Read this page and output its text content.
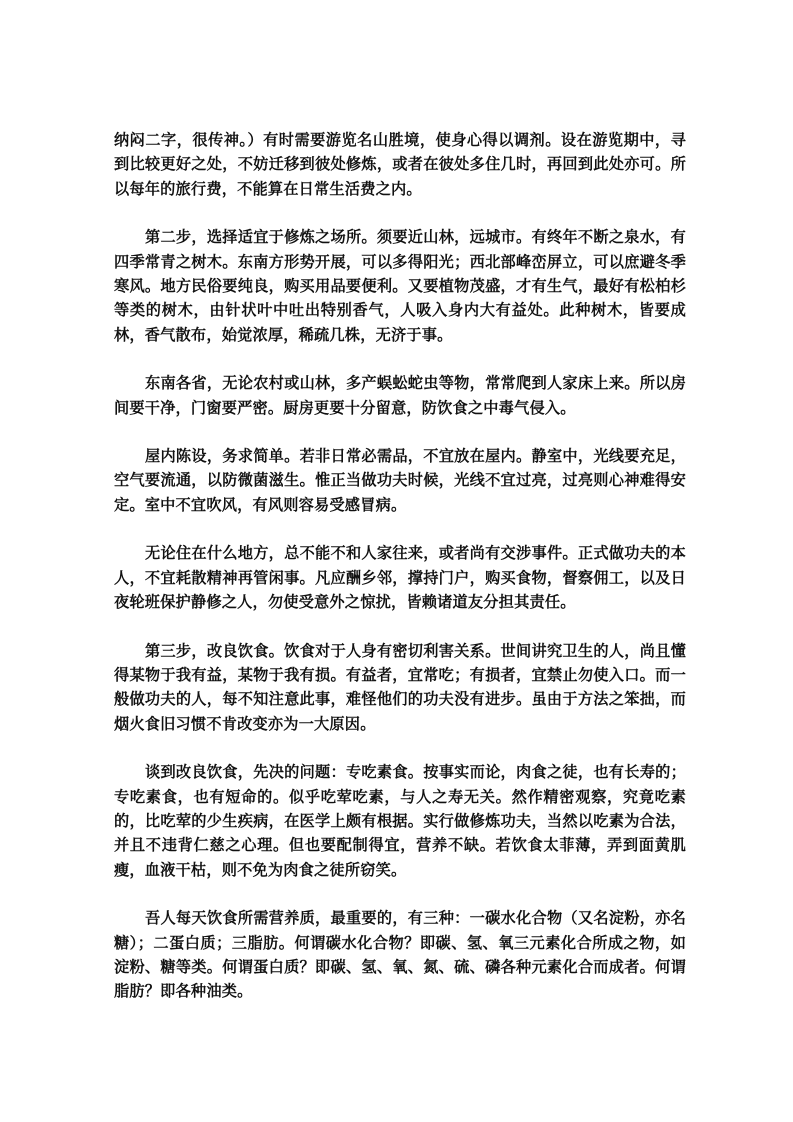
纳闷二字，很传神。）有时需要游览名山胜境，使身心得以调剂。设在游览期中，寻到比较更好之处，不妨迁移到彼处修炼，或者在彼处多住几时，再回到此处亦可。所以每年的旅行费，不能算在日常生活费之内。

第二步，选择适宜于修炼之场所。须要近山林，远城市。有终年不断之泉水，有四季常青之树木。东南方形势开展，可以多得阳光；西北部峰峦屏立，可以庶避冬季寒风。地方民俗要纯良，购买用品要便利。又要植物茂盛，才有生气，最好有松柏杉等类的树木，由针状叶中吐出特别香气，人吸入身内大有益处。此种树木，皆要成林，香气散布，始觉浓厚，稀疏几株，无济于事。

东南各省，无论农村或山林，多产蜈蚣蛇虫等物，常常爬到人家床上来。所以房间要干净，门窗要严密。厨房更要十分留意，防饮食之中毒气侵入。

屋内陈设，务求简单。若非日常必需品，不宜放在屋内。静室中，光线要充足，空气要流通，以防微菌滋生。惟正当做功夫时候，光线不宜过亮，过亮则心神难得安定。室中不宜吹风，有风则容易受感冒病。

无论住在什么地方，总不能不和人家往来，或者尚有交涉事件。正式做功夫的本人，不宜耗散精神再管闲事。凡应酬乡邻，撑持门户，购买食物，督察佣工，以及日夜轮班保护静修之人，勿使受意外之惊扰，皆赖诸道友分担其责任。

第三步，改良饮食。饮食对于人身有密切利害关系。世间讲究卫生的人，尚且懂得某物于我有益，某物于我有损。有益者，宜常吃；有损者，宜禁止勿使入口。而一般做功夫的人，每不知注意此事，难怪他们的功夫没有进步。虽由于方法之笨拙，而烟火食旧习惯不肯改变亦为一大原因。

谈到改良饮食，先决的问题：专吃素食。按事实而论，肉食之徒，也有长寿的；专吃素食，也有短命的。似乎吃荤吃素，与人之寿无关。然作精密观察，究竟吃素的，比吃荤的少生疾病，在医学上颇有根据。实行做修炼功夫，当然以吃素为合法，并且不违背仁慈之心理。但也要配制得宜，营养不缺。若饮食太菲薄，弄到面黄肌瘦，血液干枯，则不免为肉食之徒所窃笑。

吾人每天饮食所需营养质，最重要的，有三种：一碳水化合物（又名淀粉，亦名糖）；二蛋白质；三脂肪。何谓碳水化合物？即碳、氢、氧三元素化合所成之物，如淀粉、糖等类。何谓蛋白质？即碳、氢、氧、氮、硫、磷各种元素化合而成者。何谓脂肪？即各种油类。
